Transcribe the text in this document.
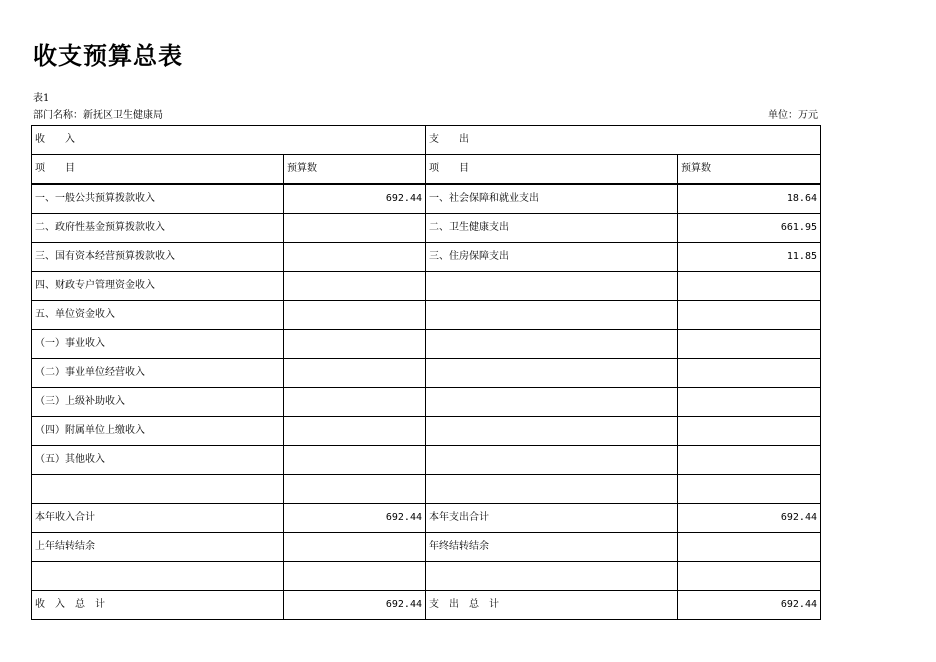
收支预算总表
表1
部门名称：新抚区卫生健康局	单位：万元
收　　入		支　　出	
项　　目	预算数	项　　目	预算数
一、一般公共预算拨款收入	692.44	一、社会保障和就业支出	18.64
二、政府性基金预算拨款收入		二、卫生健康支出	661.95
三、国有资本经营预算拨款收入		三、住房保障支出	11.85
四、财政专户管理资金收入			
五、单位资金收入			
（一）事业收入			
（二）事业单位经营收入			
（三）上级补助收入			
（四）附属单位上缴收入			
（五）其他收入			

本年收入合计	692.44	本年支出合计	692.44
上年结转结余		年终结转结余	

收　入　总　计	692.44	支　出　总　计	692.44
